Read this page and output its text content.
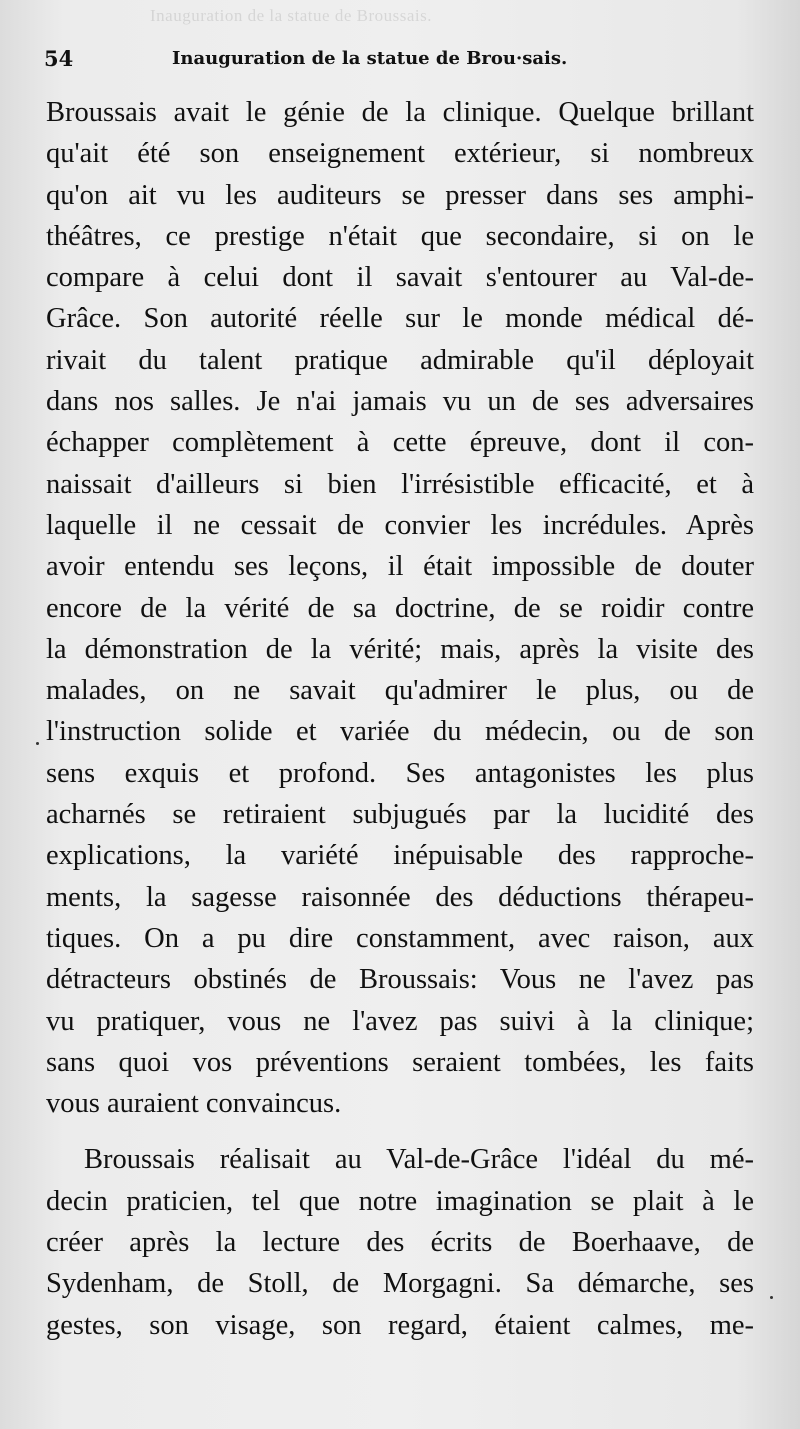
Inauguration de la statue de Broussais.
54	Inauguration de la statue de Brou·sais.
Broussais avait le génie de la clinique. Quelque brillant
qu'ait été son enseignement extérieur, si nombreux
qu'on ait vu les auditeurs se presser dans ses amphi-
théâtres, ce prestige n'était que secondaire, si on le
compare à celui dont il savait s'entourer au Val-de-
Grâce. Son autorité réelle sur le monde médical dé-
rivait du talent pratique admirable qu'il déployait
dans nos salles. Je n'ai jamais vu un de ses adversaires
échapper complètement à cette épreuve, dont il con-
naissait d'ailleurs si bien l'irrésistible efficacité, et à
laquelle il ne cessait de convier les incrédules. Après
avoir entendu ses leçons, il était impossible de douter
encore de la vérité de sa doctrine, de se roidir contre
la démonstration de la vérité; mais, après la visite des
malades, on ne savait qu'admirer le plus, ou de
l'instruction solide et variée du médecin, ou de son
sens exquis et profond. Ses antagonistes les plus
acharnés se retiraient subjugués par la lucidité des
explications, la variété inépuisable des rapproche-
ments, la sagesse raisonnée des déductions thérapeu-
tiques. On a pu dire constamment, avec raison, aux
détracteurs obstinés de Broussais: Vous ne l'avez pas
vu pratiquer, vous ne l'avez pas suivi à la clinique;
sans quoi vos préventions seraient tombées, les faits
vous auraient convaincus.
Broussais réalisait au Val-de-Grâce l'idéal du mé-
decin praticien, tel que notre imagination se plait à le
créer après la lecture des écrits de Boerhaave, de
Sydenham, de Stoll, de Morgagni. Sa démarche, ses
gestes, son visage, son regard, étaient calmes, me-
